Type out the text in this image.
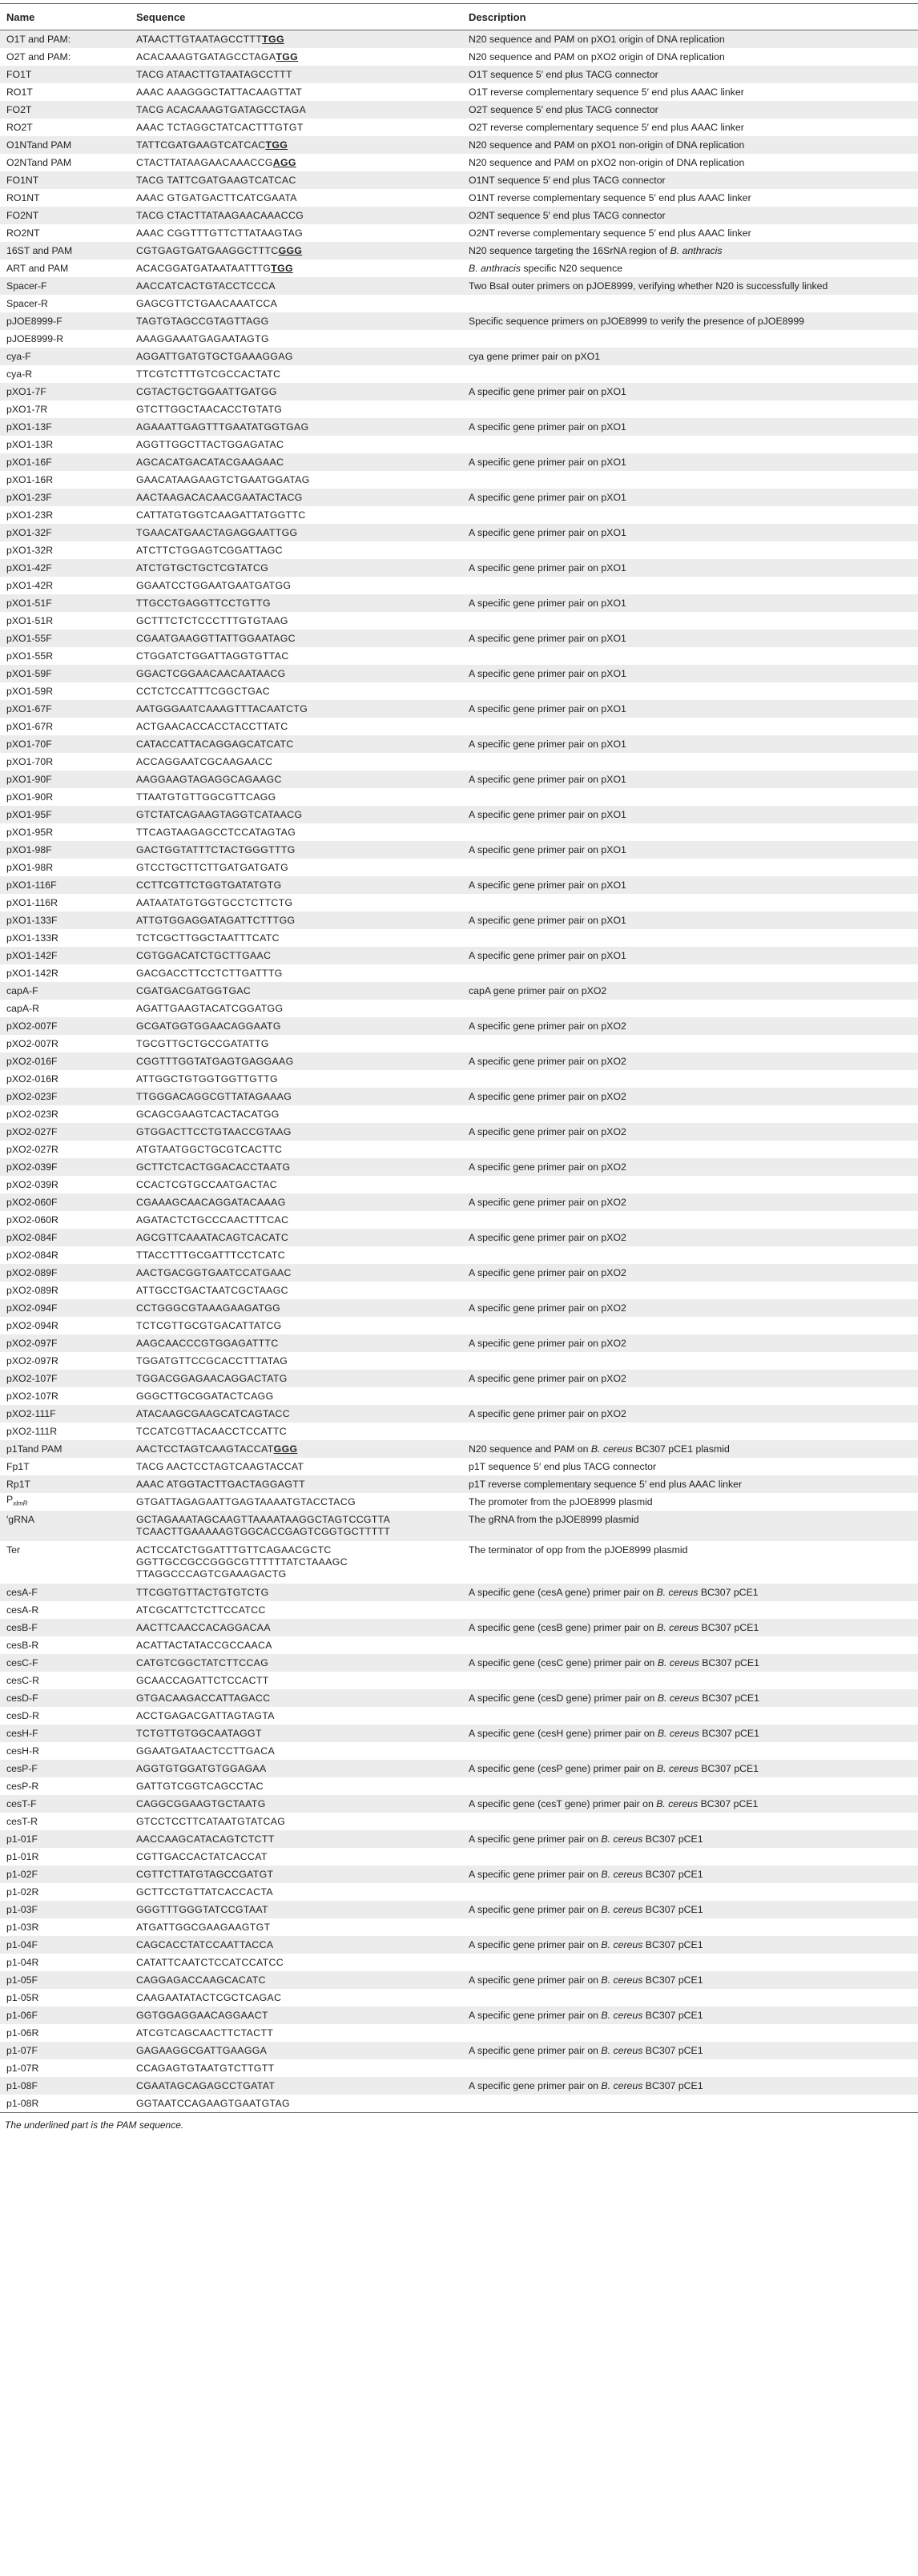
Name	Sequence	Description
O1T and PAM:	ATAACTTGTAATAGCCTTTTGG	N20 sequence and PAM on pXO1 origin of DNA replication
O2T and PAM:	ACACAAAGTGATAGCCTAGATGG	N20 sequence and PAM on pXO2 origin of DNA replication
FO1T	TACG ATAACTTGTAATAGCCTTT	O1T sequence 5′ end plus TACG connector
RO1T	AAAC AAAGGGCTATTACAAGTTAT	O1T reverse complementary sequence 5′ end plus AAAC linker
FO2T	TACG ACACAAAGTGATAGCCTAGA	O2T sequence 5′ end plus TACG connector
RO2T	AAAC TCTAGGCTATCACTTTGTGT	O2T reverse complementary sequence 5′ end plus AAAC linker
O1NTand PAM	TATTCGATGAAGTCATCACTGG	N20 sequence and PAM on pXO1 non-origin of DNA replication
O2NTand PAM	CTACTTATAAGAACAAACCGAGG	N20 sequence and PAM on pXO2 non-origin of DNA replication
FO1NT	TACG TATTCGATGAAGTCATCAC	O1NT sequence 5′ end plus TACG connector
RO1NT	AAAC GTGATGACTTCATCGAATA	O1NT reverse complementary sequence 5′ end plus AAAC linker
FO2NT	TACG CTACTTATAAGAACAAACCG	O2NT sequence 5′ end plus TACG connector
RO2NT	AAAC CGGTTTGTTCTTATAAGTAG	O2NT reverse complementary sequence 5′ end plus AAAC linker
16ST and PAM	CGTGAGTGATGAAGGCTTTCGGG	N20 sequence targeting the 16SrNA region of B. anthracis
ART and PAM	ACACGGATGATAATAATTTGTGG	B. anthracis specific N20 sequence
Spacer-F	AACCATCACTGTACCTCCCA	Two BsaI outer primers on pJOE8999, verifying whether N20 is successfully linked
Spacer-R	GAGCGTTCTGAACAAATCCA	
pJOE8999-F	TAGTGTAGCCGTAGTTAGG	Specific sequence primers on pJOE8999 to verify the presence of pJOE8999
pJOE8999-R	AAAGGAAATGAGAATAGTG	
cya-F	AGGATTGATGTGCTGAAAGGAG	cya gene primer pair on pXO1
cya-R	TTCGTCTTTGTCGCCACTATC	
pXO1-7F	CGTACTGCTGGAATTGATGG	A specific gene primer pair on pXO1
pXO1-7R	GTCTTGGCTAACACCTGTATG	
pXO1-13F	AGAAATTGAGTTTGAATATGGTGAG	A specific gene primer pair on pXO1
pXO1-13R	AGGTTGGCTTACTGGAGATAC	
pXO1-16F	AGCACATGACATACGAAGAAC	A specific gene primer pair on pXO1
pXO1-16R	GAACATAAGAAGTCTGAATGGATAG	
pXO1-23F	AACTAAGACACAACGAATACTACG	A specific gene primer pair on pXO1
pXO1-23R	CATTATGTGGTCAAGATTATGGTTC	
pXO1-32F	TGAACATGAACTAGAGGAATTGG	A specific gene primer pair on pXO1
pXO1-32R	ATCTTCTGGAGTCGGATTAGC	
pXO1-42F	ATCTGTGCTGCTCGTATCG	A specific gene primer pair on pXO1
pXO1-42R	GGAATCCTGGAATGAATGATGG	
pXO1-51F	TTGCCTGAGGTTCCTGTTG	A specific gene primer pair on pXO1
pXO1-51R	GCTTTCTCTCCCTTTGTGTAAG	
pXO1-55F	CGAATGAAGGTTATTGGAATAGC	A specific gene primer pair on pXO1
pXO1-55R	CTGGATCTGGATTAGGTGTTAC	
pXO1-59F	GGACTCGGAACAACAATAACG	A specific gene primer pair on pXO1
pXO1-59R	CCTCTCCATTTCGGCTGAC	
pXO1-67F	AATGGGAATCAAAGTTTACAATCTG	A specific gene primer pair on pXO1
pXO1-67R	ACTGAACACCACCTACCTTATC	
pXO1-70F	CATACCATTACAGGAGCATCATC	A specific gene primer pair on pXO1
pXO1-70R	ACCAGGAATCGCAAGAACC	
pXO1-90F	AAGGAAGTAGAGGCAGAAGC	A specific gene primer pair on pXO1
pXO1-90R	TTAATGTGTTGGCGTTCAGG	
pXO1-95F	GTCTATCAGAAGTAGGTCATAACG	A specific gene primer pair on pXO1
pXO1-95R	TTCAGTAAGAGCCTCCATAGTAG	
pXO1-98F	GACTGGTATTTCTACTGGGTTTG	A specific gene primer pair on pXO1
pXO1-98R	GTCCTGCTTCTTGATGATGATG	
pXO1-116F	CCTTCGTTCTGGTGATATGTG	A specific gene primer pair on pXO1
pXO1-116R	AATAATATGTGGTGCCTCTTCTG	
pXO1-133F	ATTGTGGAGGATAGATTCTTTGG	A specific gene primer pair on pXO1
pXO1-133R	TCTCGCTTGGCTAATTTCATC	
pXO1-142F	CGTGGACATCTGCTTGAAC	A specific gene primer pair on pXO1
pXO1-142R	GACGACCTTCCTCTTGATTTG	
capA-F	CGATGACGATGGTGAC	capA gene primer pair on pXO2
capA-R	AGATTGAAGTACATCGGATGG	
pXO2-007F	GCGATGGTGGAACAGGAATG	A specific gene primer pair on pXO2
pXO2-007R	TGCGTTGCTGCCGATATTG	
pXO2-016F	CGGTTTGGTATGAGTGAGGAAG	A specific gene primer pair on pXO2
pXO2-016R	ATTGGCTGTGGTGGTTGTTG	
pXO2-023F	TTGGGACAGGCGTTATAGAAAG	A specific gene primer pair on pXO2
pXO2-023R	GCAGCGAAGTCACTACATGG	
pXO2-027F	GTGGACTTCCTGTAACCGTAAG	A specific gene primer pair on pXO2
pXO2-027R	ATGTAATGGCTGCGTCACTTC	
pXO2-039F	GCTTCTCACTGGACACCTAATG	A specific gene primer pair on pXO2
pXO2-039R	CCACTCGTGCCAATGACTAC	
pXO2-060F	CGAAAGCAACAGGATACAAAG	A specific gene primer pair on pXO2
pXO2-060R	AGATACTCTGCCCAACTTTCAC	
pXO2-084F	AGCGTTCAAATACAGTCACATC	A specific gene primer pair on pXO2
pXO2-084R	TTACCTTTGCGATTTCCTCATC	
pXO2-089F	AACTGACGGTGAATCCATGAAC	A specific gene primer pair on pXO2
pXO2-089R	ATTGCCTGACTAATCGCTAAGC	
pXO2-094F	CCTGGGCGTAAAGAAGATGG	A specific gene primer pair on pXO2
pXO2-094R	TCTCGTTGCGTGACATTATCG	
pXO2-097F	AAGCAACCCGTGGAGATTTC	A specific gene primer pair on pXO2
pXO2-097R	TGGATGTTCCGCACCTTTATAG	
pXO2-107F	TGGACGGAGAACAGGACTATG	A specific gene primer pair on pXO2
pXO2-107R	GGGCTTGCGGATACTCAGG	
pXO2-111F	ATACAAGCGAAGCATCAGTACC	A specific gene primer pair on pXO2
pXO2-111R	TCCATCGTTACAACCTCCATTC	
p1Tand PAM	AACTCCTAGTCAAGTACCATGGG	N20 sequence and PAM on B. cereus BC307 pCE1 plasmid
Fp1T	TACG AACTCCTAGTCAAGTACCAT	p1T sequence 5′ end plus TACG connector
Rp1T	AAAC ATGGTACTTGACTAGGAGTT	p1T reverse complementary sequence 5′ end plus AAAC linker
$P_{xlmR}$	GTGATTAGAGAATTGAGTAAAATGTACCTACG	The promoter from the pJOE8999 plasmid
′gRNA	GCTAGAAATAGCAAGTTAAAATAAGGCTAGTCCGTTA
TCAACTTGAAAAAGTGGCACCGAGTCGGTGCTTTTT	The gRNA from the pJOE8999 plasmid
Ter	ACTCCATCTGGATTTGTTCAGAACGCTC
GGTTGCCGCCGGGCGTTTTTTATCTAAAGC
TTAGGCCCAGTCGAAAGACTG	The terminator of opp from the pJOE8999 plasmid
cesA-F	TTCGGTGTTACTGTGTCTG	A specific gene (cesA gene) primer pair on B. cereus BC307 pCE1
cesA-R	ATCGCATTCTCTTCCATCC	
cesB-F	AACTTCAACCACAGGACAA	A specific gene (cesB gene) primer pair on B. cereus BC307 pCE1
cesB-R	ACATTACTATACCGCCAACA	
cesC-F	CATGTCGGCTATCTTCCAG	A specific gene (cesC gene) primer pair on B. cereus BC307 pCE1
cesC-R	GCAACCAGATTCTCCACTT	
cesD-F	GTGACAAGACCATTAGACC	A specific gene (cesD gene) primer pair on B. cereus BC307 pCE1
cesD-R	ACCTGAGACGATTAGTAGTA	
cesH-F	TCTGTTGTGGCAATAGGT	A specific gene (cesH gene) primer pair on B. cereus BC307 pCE1
cesH-R	GGAATGATAACTCCTTGACA	
cesP-F	AGGTGTGGATGTGGAGAA	A specific gene (cesP gene) primer pair on B. cereus BC307 pCE1
cesP-R	GATTGTCGGTCAGCCTAC	
cesT-F	CAGGCGGAAGTGCTAATG	A specific gene (cesT gene) primer pair on B. cereus BC307 pCE1
cesT-R	GTCCTCCTTCATAATGTATCAG	
p1-01F	AACCAAGCATACAGTCTCTT	A specific gene primer pair on B. cereus BC307 pCE1
p1-01R	CGTTGACCACTATCACCAT	
p1-02F	CGTTCTTATGTAGCCGATGT	A specific gene primer pair on B. cereus BC307 pCE1
p1-02R	GCTTCCTGTTATCACCACTA	
p1-03F	GGGTTTGGGTATCCGTAAT	A specific gene primer pair on B. cereus BC307 pCE1
p1-03R	ATGATTGGCGAAGAAGTGT	
p1-04F	CAGCACCTATCCAATTACCA	A specific gene primer pair on B. cereus BC307 pCE1
p1-04R	CATATTCAATCTCCATCCATCC	
p1-05F	CAGGAGACCAAGCACATC	A specific gene primer pair on B. cereus BC307 pCE1
p1-05R	CAAGAATATACTCGCTCAGAC	
p1-06F	GGTGGAGGAACAGGAACT	A specific gene primer pair on B. cereus BC307 pCE1
p1-06R	ATCGTCAGCAACTTCTACTT	
p1-07F	GAGAAGGCGATTGAAGGA	A specific gene primer pair on B. cereus BC307 pCE1
p1-07R	CCAGAGTGTAATGTCTTGTT	
p1-08F	CGAATAGCAGAGCCTGATAT	A specific gene primer pair on B. cereus BC307 pCE1
p1-08R	GGTAATCCAGAAGTGAATGTAG	
The underlined part is the PAM sequence.
